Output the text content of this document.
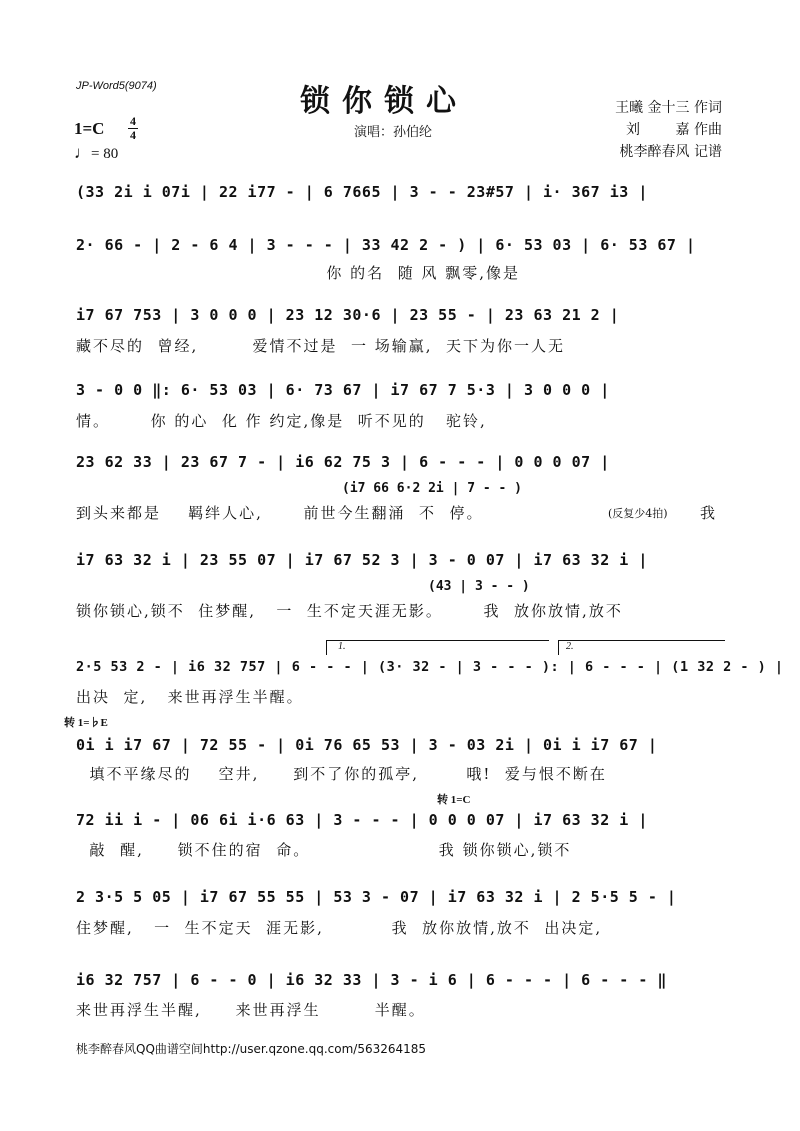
JP-Word5(9074)	锁你锁心
演唱：孙伯纶
王曦 金十三 作词
刘        嘉 作曲
桃李醉春风 记谱
1=C 4
4
♩= 80
(33 2i i 07i | 22 i77 - | 6 7665 | 3 - - 23#57 | i· 367 i3 |
2· 66 - | 2 - 6 4 | 3 - - - | 33 42 2 - ) | 6· 53 03 | 6· 53 67 |
你 的名  随 风 飘零,像是
i7 67 753 | 3 0 0 0 | 23 12 30·6 | 23 55 - | 23 63 21 2 |
藏不尽的  曾经,        爱情不过是  一 场输赢,  天下为你一人无
3 - 0 0 ‖: 6· 53 03 | 6· 73 67 | i7 67 7 5·3 | 3 0 0 0 |
情。      你 的心  化 作 约定,像是  听不见的   驼铃,
23 62 33 | 23 67 7 - | i6 62 75 3 | 6 - - - | 0 0 0 07 |
(i7 66 6·2 2i | 7 - - )
到头来都是    羁绊人心,      前世今生翻涌  不  停。	(反复少4拍) 我
i7 63 32 i | 23 55 07 | i7 67 52 3 | 3 - 0 07 | i7 63 32 i |
(43 | 3 - - )
锁你锁心,锁不  住梦醒,   一  生不定天涯无影。      我  放你放情,放不
1.	2.
2·5 53 2 - | i6 32 757 | 6 - - - | (3· 32 - | 3 - - - ): | 6 - - - | (1 32 2 - ) |
出决  定,   来世再浮生半醒。
转 1=♭E
0i i i7 67 | 72 55 - | 0i 76 65 53 | 3 - 03 2i | 0i i i7 67 |
填不平缘尽的    空井,     到不了你的孤亭,       哦!  爱与恨不断在
转 1=C
72 ii i - | 06 6i i·6 63 | 3 - - - | 0 0 0 07 | i7 63 32 i |
敲  醒,     锁不住的宿  命。                   我 锁你锁心,锁不
2 3·5 5 05 | i7 67 55 55 | 53 3 - 07 | i7 63 32 i | 2 5·5 5 - |
住梦醒,   一  生不定天  涯无影,          我  放你放情,放不  出决定,
i6 32 757 | 6 - - 0 | i6 32 33 | 3 - i 6 | 6 - - - | 6 - - - ‖
来世再浮生半醒,     来世再浮生        半醒。
桃李醉春风QQ曲谱空间http://user.qzone.qq.com/563264185
